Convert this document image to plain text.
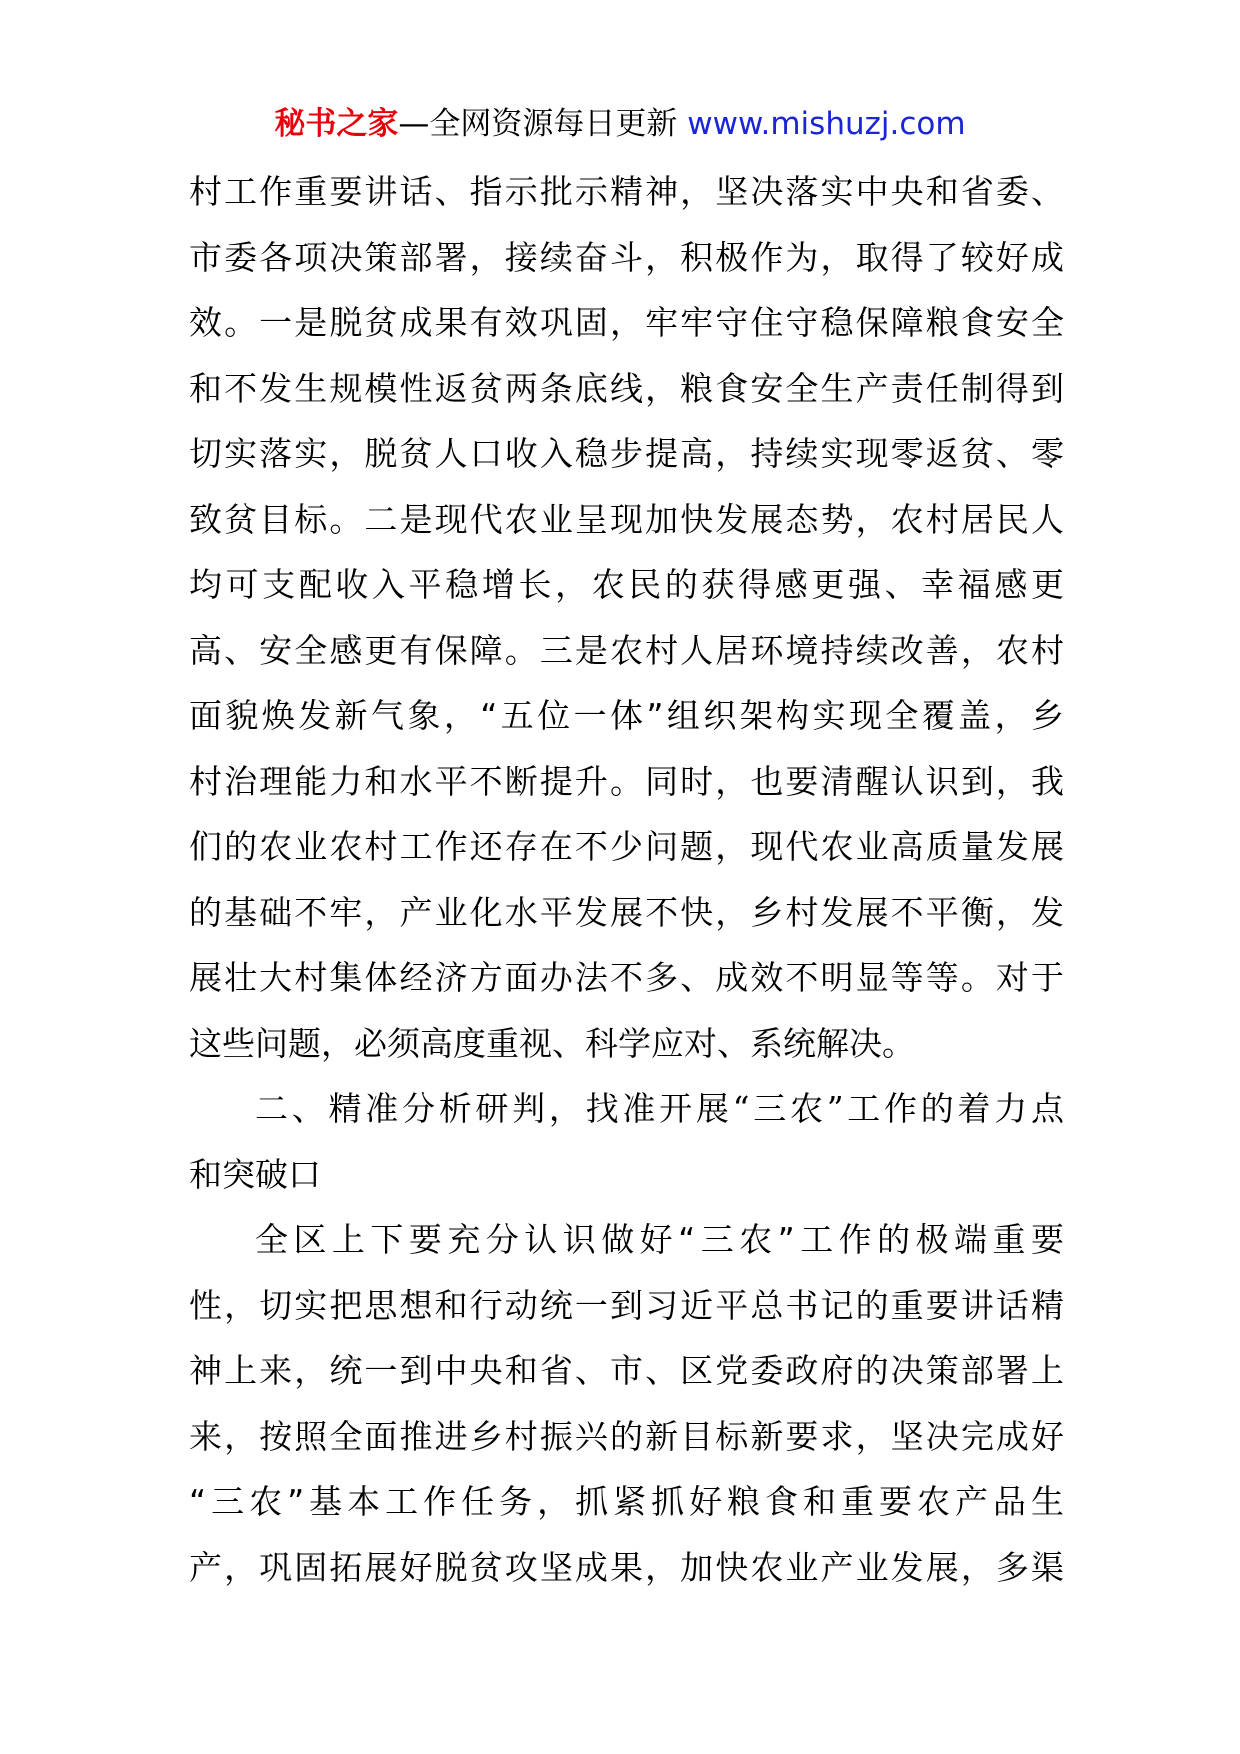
秘书之家—全网资源每日更新 www.mishuzj.com
村工作重要讲话、指示批示精神，坚决落实中央和省委、
市委各项决策部署，接续奋斗，积极作为，取得了较好成
效。一是脱贫成果有效巩固，牢牢守住守稳保障粮食安全
和不发生规模性返贫两条底线，粮食安全生产责任制得到
切实落实，脱贫人口收入稳步提高，持续实现零返贫、零
致贫目标。二是现代农业呈现加快发展态势，农村居民人
均可支配收入平稳增长，农民的获得感更强、幸福感更
高、安全感更有保障。三是农村人居环境持续改善，农村
面貌焕发新气象，“五位一体”组织架构实现全覆盖，乡
村治理能力和水平不断提升。同时，也要清醒认识到，我
们的农业农村工作还存在不少问题，现代农业高质量发展
的基础不牢，产业化水平发展不快，乡村发展不平衡，发
展壮大村集体经济方面办法不多、成效不明显等等。对于
这些问题，必须高度重视、科学应对、系统解决。
二、精准分析研判，找准开展“三农”工作的着力点
和突破口
全区上下要充分认识做好“三农”工作的极端重要
性，切实把思想和行动统一到习近平总书记的重要讲话精
神上来，统一到中央和省、市、区党委政府的决策部署上
来，按照全面推进乡村振兴的新目标新要求，坚决完成好
“三农”基本工作任务，抓紧抓好粮食和重要农产品生
产，巩固拓展好脱贫攻坚成果，加快农业产业发展，多渠
